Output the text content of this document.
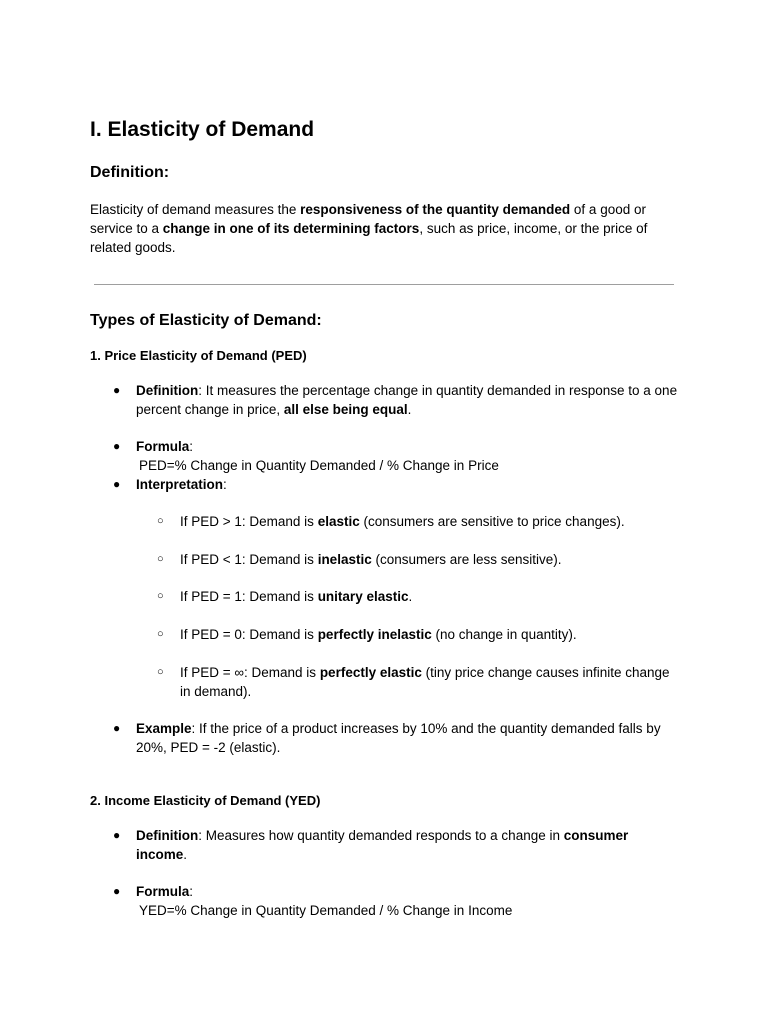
I. Elasticity of Demand
Definition:
Elasticity of demand measures the responsiveness of the quantity demanded of a good or service to a change in one of its determining factors, such as price, income, or the price of related goods.
Types of Elasticity of Demand:
1. Price Elasticity of Demand (PED)
● Definition: It measures the percentage change in quantity demanded in response to a one percent change in price, all else being equal.
● Formula:
PED=% Change in Quantity Demanded / % Change in Price
● Interpretation:
○ If PED > 1: Demand is elastic (consumers are sensitive to price changes).
○ If PED < 1: Demand is inelastic (consumers are less sensitive).
○ If PED = 1: Demand is unitary elastic.
○ If PED = 0: Demand is perfectly inelastic (no change in quantity).
○ If PED = ∞: Demand is perfectly elastic (tiny price change causes infinite change in demand).
● Example: If the price of a product increases by 10% and the quantity demanded falls by 20%, PED = -2 (elastic).
2. Income Elasticity of Demand (YED)
● Definition: Measures how quantity demanded responds to a change in consumer income.
● Formula:
YED=% Change in Quantity Demanded / % Change in Income
